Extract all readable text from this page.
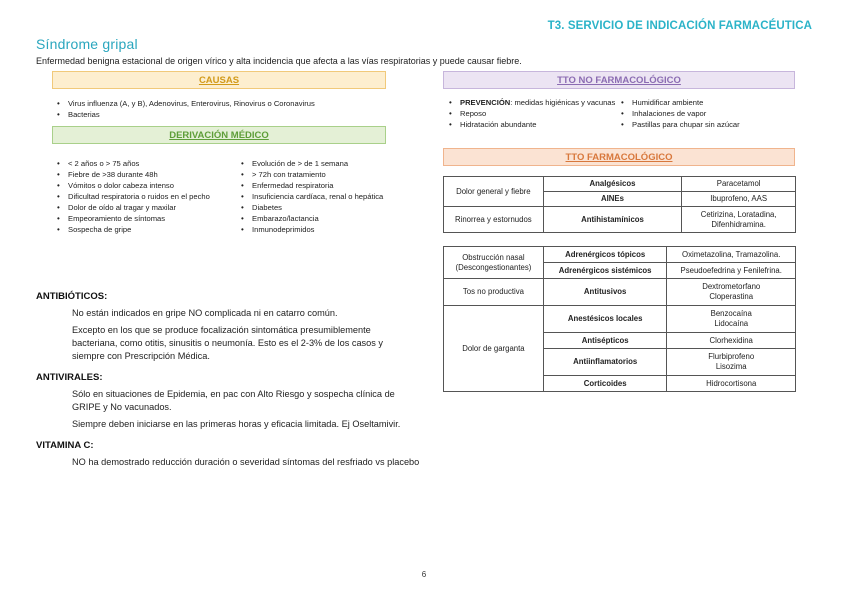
T3. SERVICIO DE INDICACIÓN FARMACÉUTICA
Síndrome gripal
Enfermedad benigna estacional de origen vírico y alta incidencia que afecta a las vías respiratorias y puede causar fiebre.
CAUSAS
• Virus influenza (A, y B), Adenovirus, Enterovirus, Rinovirus o Coronavirus
• Bacterias
DERIVACIÓN MÉDICO
• < 2 años o > 75 años
• Fiebre de >38 durante 48h
• Vómitos o dolor cabeza intenso
• Dificultad respiratoria o ruidos en el pecho
• Dolor de oído al tragar y maxilar
• Empeoramiento de síntomas
• Sospecha de gripe
• Evolución de > de 1 semana
• > 72h con tratamiento
• Enfermedad respiratoria
• Insuficiencia cardíaca, renal o hepática
• Diabetes
• Embarazo/lactancia
• Inmunodeprimidos
TTO NO FARMACOLÓGICO
• PREVENCIÓN: medidas higiénicas y vacunas
• Reposo
• Hidratación abundante
• Humidificar ambiente
• Inhalaciones de vapor
• Pastillas para chupar sin azúcar
TTO FARMACOLÓGICO
Dolor general y fiebre	Analgésicos	Paracetamol
	AINEs	Ibuprofeno, AAS
Rinorrea y estornudos	Antihistamínicos	Cetirizina, Loratadina,
Difenhidramina.
Obstrucción nasal
(Descongestionantes)	Adrenérgicos tópicos	Oximetazolina, Tramazolina.
	Adrenérgicos sistémicos	Pseudoefedrina y Fenilefrina.
Tos no productiva	Antitusivos	Dextrometorfano
Cloperastina
Dolor de garganta	Anestésicos locales	Benzocaína
Lidocaína
	Antisépticos	Clorhexidina
	Antiinflamatorios	Flurbiprofeno
Lisozima
	Corticoides	Hidrocortisona
ANTIBIÓTICOS:
No están indicados en gripe NO complicada ni en catarro común.
Excepto en los que se produce focalización sintomática presumiblemente
bacteriana, como otitis, sinusitis o neumonía. Esto es el 2-3% de los casos y
siempre con Prescripción Médica.
ANTIVIRALES:
Sólo en situaciones de Epidemia, en pac con Alto Riesgo y sospecha clínica de
GRIPE y No vacunados.
Siempre deben iniciarse en las primeras horas y eficacia limitada. Ej Oseltamivir.
VITAMINA C:
NO ha demostrado reducción duración o severidad síntomas del resfriado vs placebo
6
